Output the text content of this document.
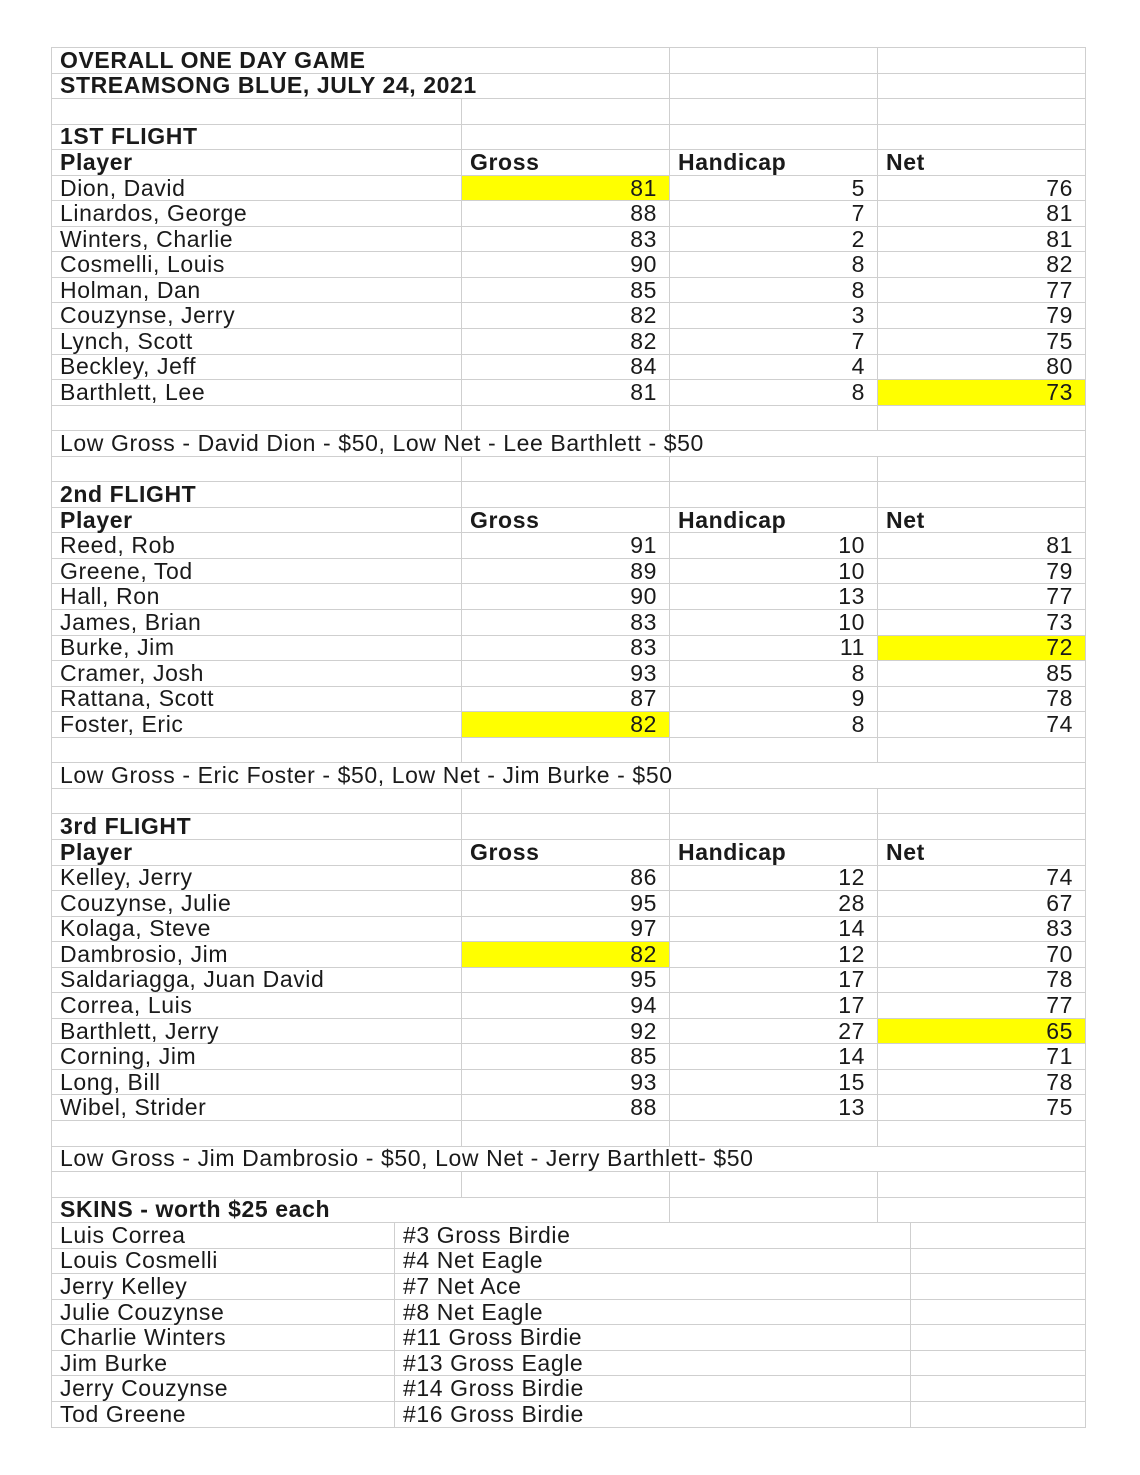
OVERALL ONE DAY GAME
STREAMSONG BLUE, JULY 24, 2021
1ST FLIGHT
Player	Gross	Handicap	Net
Dion, David	81	5	76
Linardos, George	88	7	81
Winters, Charlie	83	2	81
Cosmelli, Louis	90	8	82
Holman, Dan	85	8	77
Couzynse, Jerry	82	3	79
Lynch, Scott	82	7	75
Beckley, Jeff	84	4	80
Barthlett, Lee	81	8	73
Low Gross - David Dion - $50, Low Net - Lee Barthlett - $50
2nd FLIGHT
Player	Gross	Handicap	Net
Reed, Rob	91	10	81
Greene, Tod	89	10	79
Hall, Ron	90	13	77
James, Brian	83	10	73
Burke, Jim	83	11	72
Cramer, Josh	93	8	85
Rattana, Scott	87	9	78
Foster, Eric	82	8	74
Low Gross - Eric Foster - $50, Low Net - Jim Burke - $50
3rd FLIGHT
Player	Gross	Handicap	Net
Kelley, Jerry	86	12	74
Couzynse, Julie	95	28	67
Kolaga, Steve	97	14	83
Dambrosio, Jim	82	12	70
Saldariagga, Juan David	95	17	78
Correa, Luis	94	17	77
Barthlett, Jerry	92	27	65
Corning, Jim	85	14	71
Long, Bill	93	15	78
Wibel, Strider	88	13	75
Low Gross - Jim Dambrosio - $50, Low Net - Jerry Barthlett- $50
SKINS - worth $25 each
Luis Correa	#3 Gross Birdie
Louis Cosmelli	#4 Net Eagle
Jerry Kelley	#7 Net Ace
Julie Couzynse	#8 Net Eagle
Charlie Winters	#11 Gross Birdie
Jim Burke	#13 Gross Eagle
Jerry Couzynse	#14 Gross Birdie
Tod Greene	#16 Gross Birdie
